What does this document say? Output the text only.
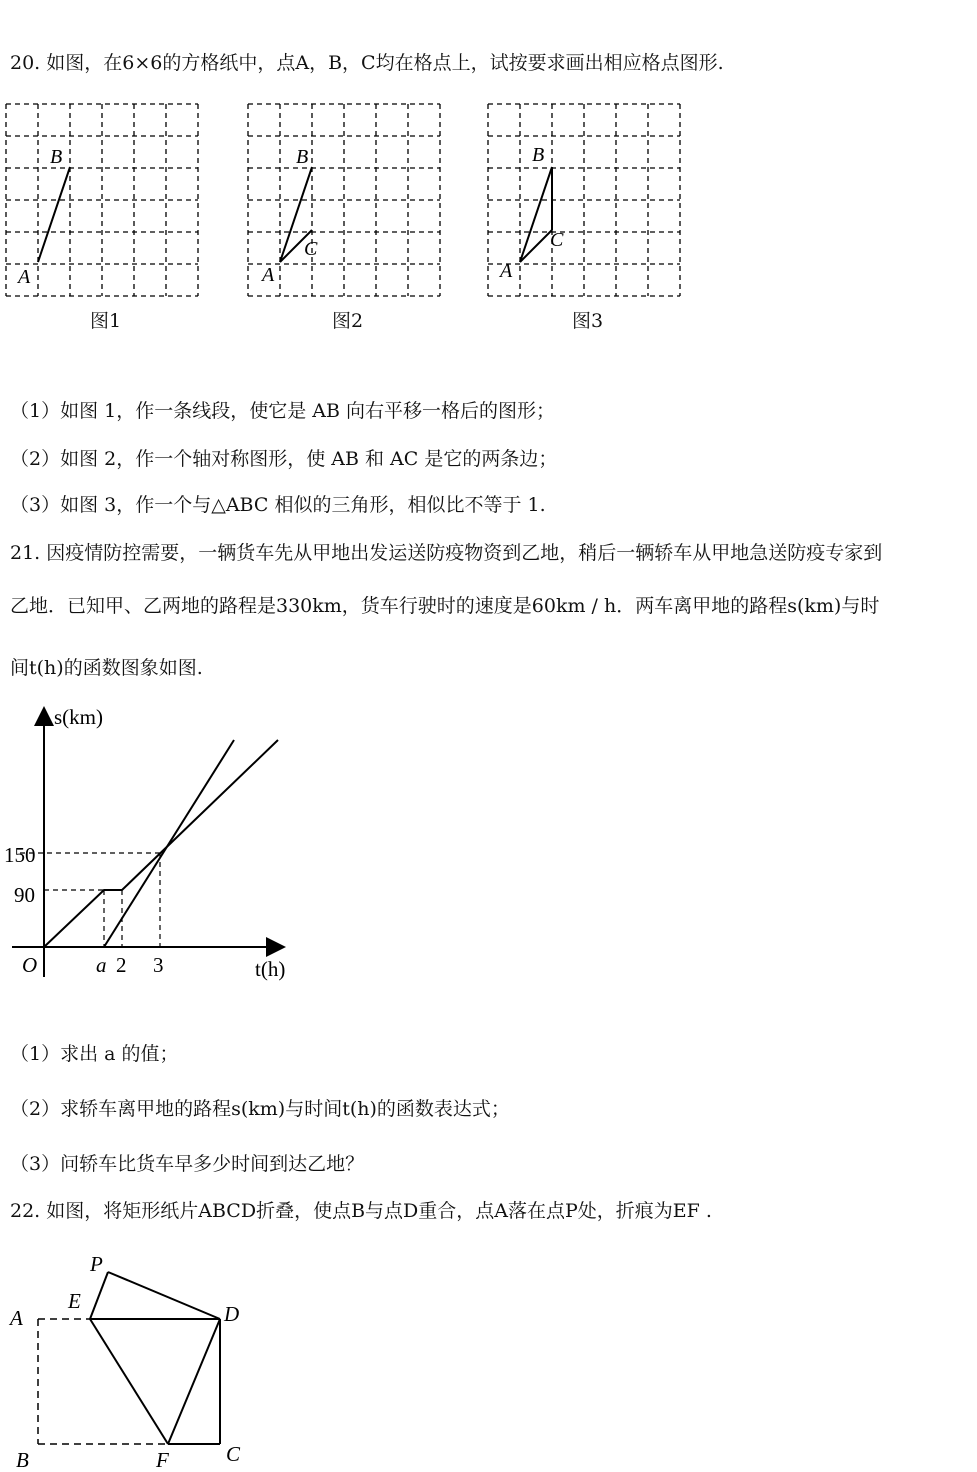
20. 如图，在6×6的方格纸中，点A，B，C均在格点上，试按要求画出相应格点图形.
B
A
图1
B
C
A
图2
B
C
A
图3
（1）如图 1，作一条线段，使它是 AB 向右平移一格后的图形；
（2）如图 2，作一个轴对称图形，使 AB 和 AC 是它的两条边；
（3）如图 3，作一个与△ABC 相似的三角形，相似比不等于 1.
21. 因疫情防控需要，一辆货车先从甲地出发运送防疫物资到乙地，稍后一辆轿车从甲地急送防疫专家到
乙地．已知甲、乙两地的路程是330km，货车行驶时的速度是60km / h．两车离甲地的路程s(km)与时
间t(h)的函数图象如图.
s(km)
150
90
O	a 2 3	t(h)
（1）求出 a 的值；
（2）求轿车离甲地的路程s(km)与时间t(h)的函数表达式；
（3）问轿车比货车早多少时间到达乙地？
22. 如图，将矩形纸片ABCD折叠，使点B与点D重合，点A落在点P处，折痕为EF .
P
A
E
D
B	F	C
